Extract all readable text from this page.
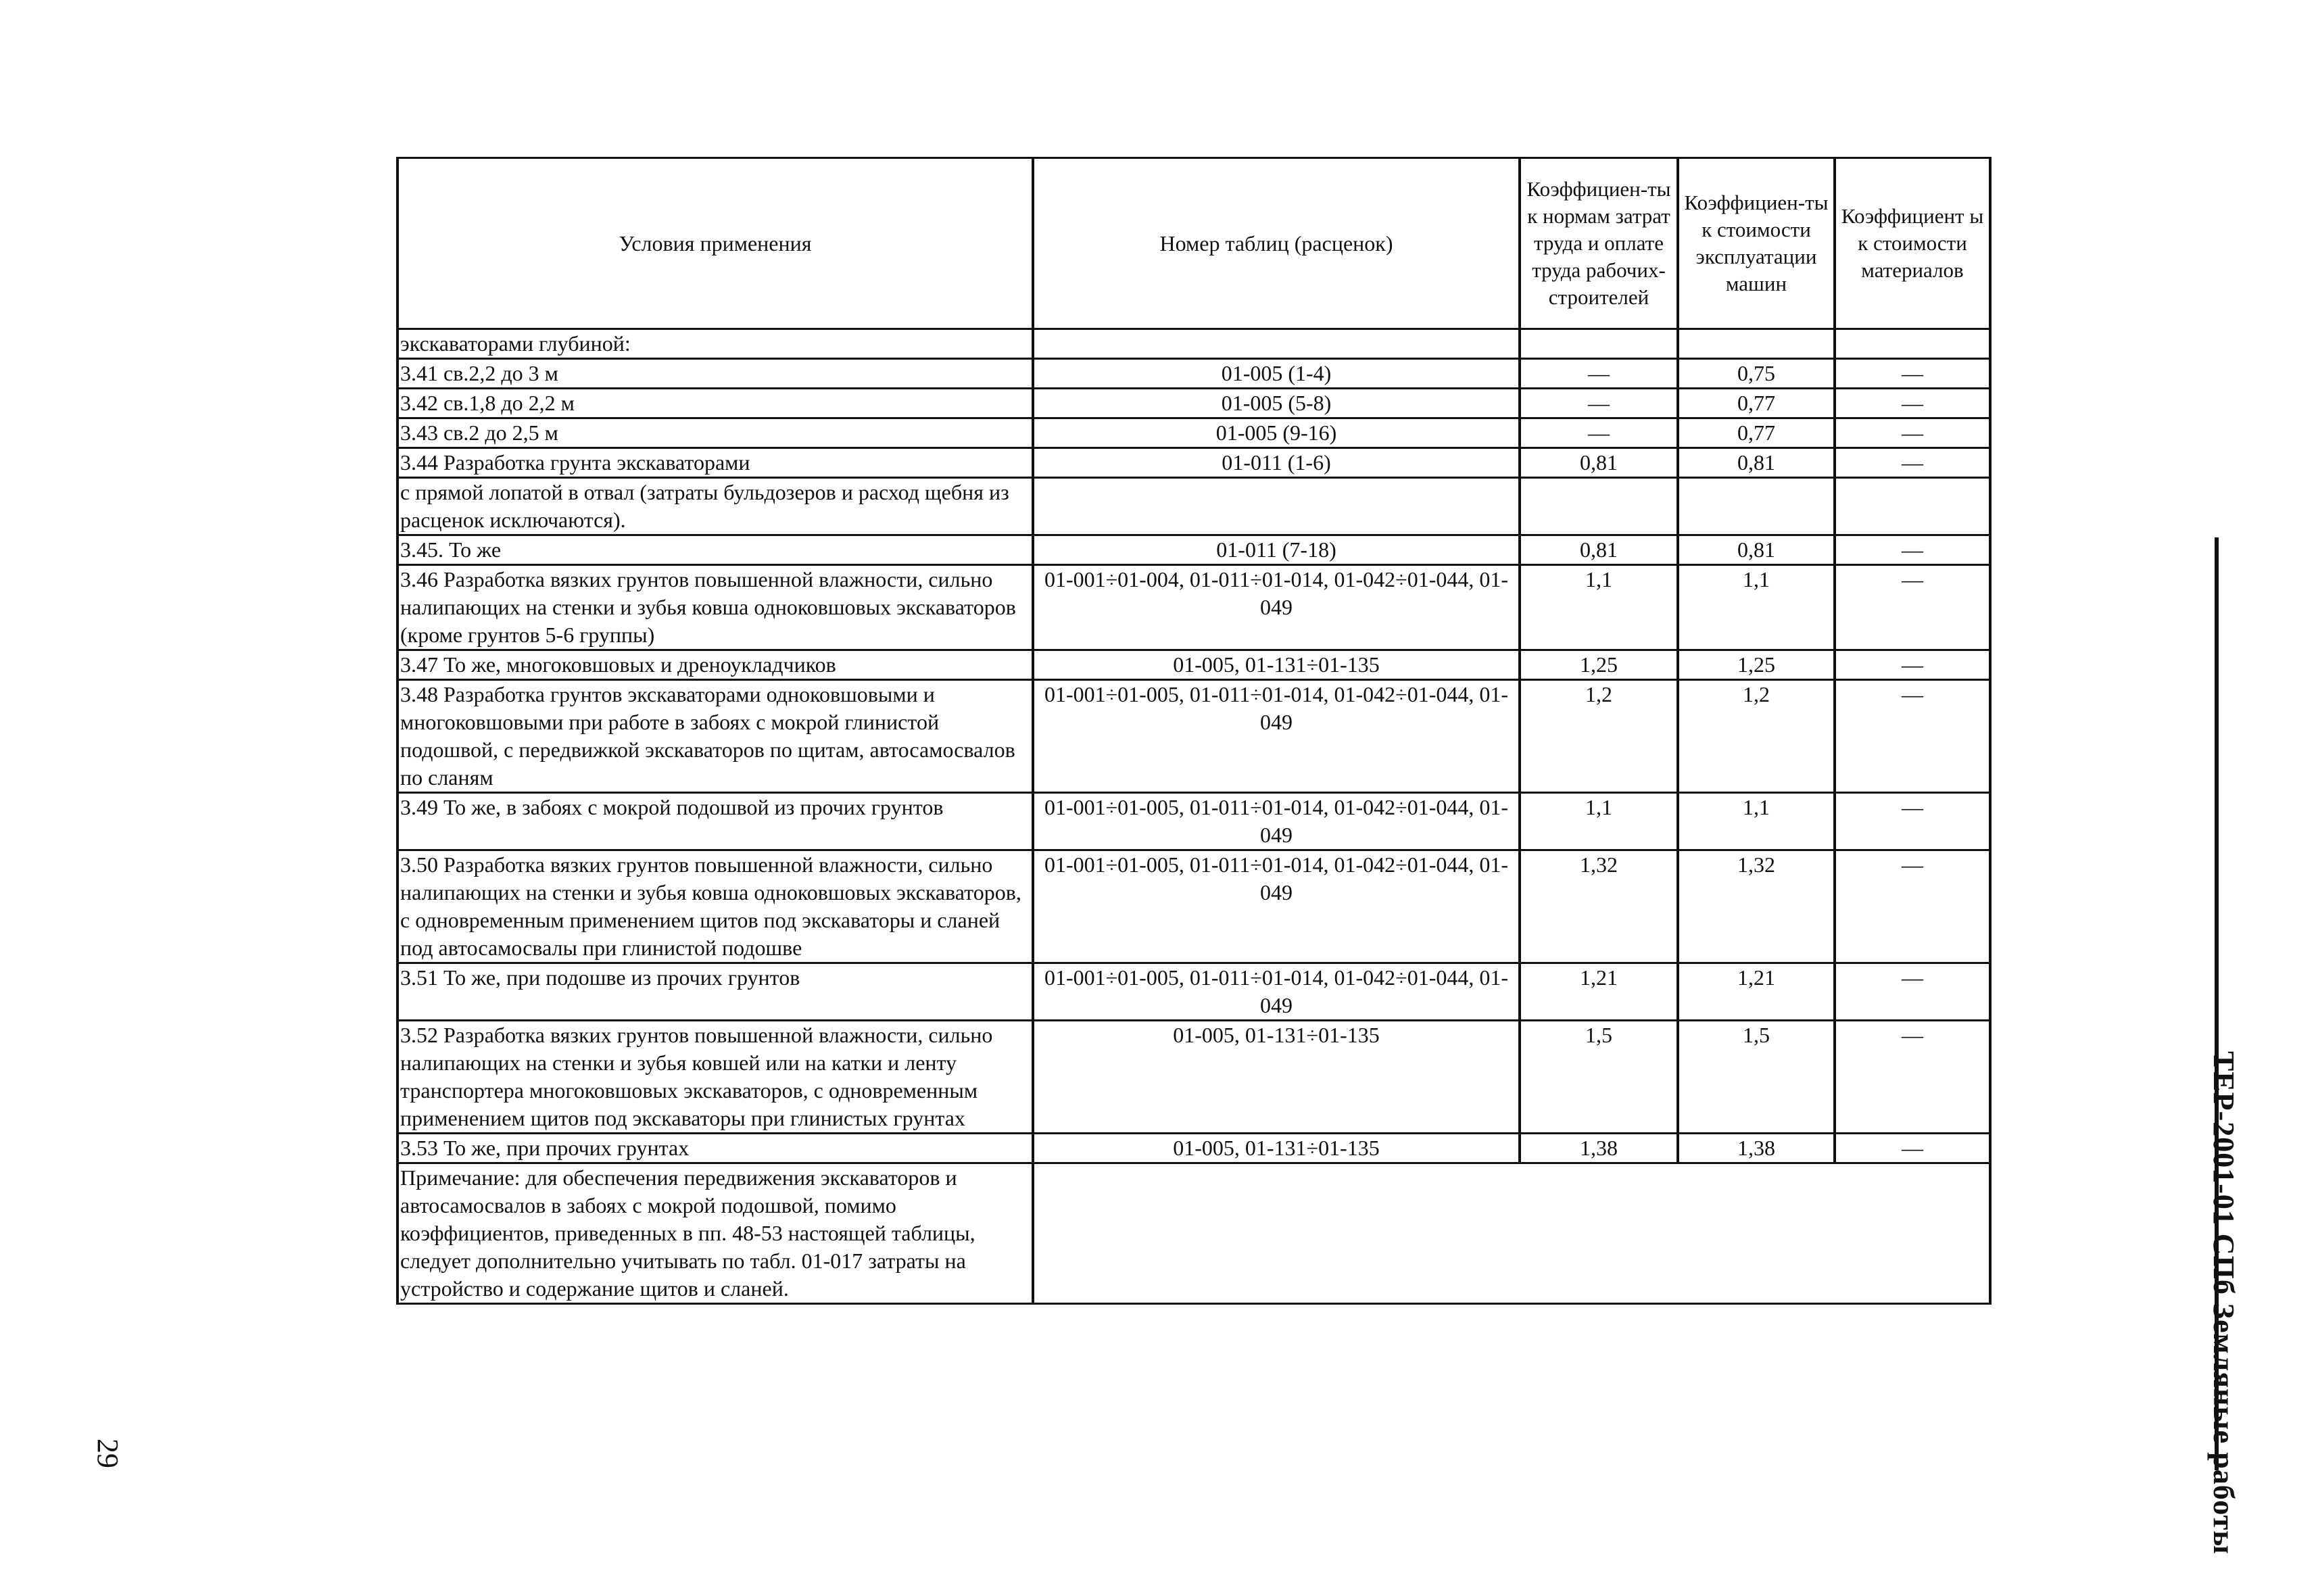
Условия применения	Номер таблиц (расценок)	Коэффициен-ты к нормам затрат труда и оплате труда рабочих-строителей	Коэффициен-ты к стоимости эксплуатации машин	Коэффициент ы к стоимости материалов
экскаваторами глубиной:				
3.41 св.2,2 до 3 м	01-005 (1-4)	—	0,75	—
3.42 св.1,8 до 2,2 м	01-005 (5-8)	—	0,77	—
3.43 св.2 до 2,5 м	01-005 (9-16)	—	0,77	—
3.44 Разработка грунта экскаваторами	01-011 (1-6)	0,81	0,81	—
с прямой лопатой в отвал (затраты бульдозеров и расход щебня из расценок исключаются).				
3.45. То же	01-011 (7-18)	0,81	0,81	—
3.46 Разработка вязких грунтов повышенной влажности, сильно налипающих на стенки и зубья ковша одноковшовых экскаваторов (кроме грунтов 5-6 группы)	01-001÷01-004, 01-011÷01-014, 01-042÷01-044, 01-049	1,1	1,1	—
3.47 То же, многоковшовых и дреноукладчиков	01-005, 01-131÷01-135	1,25	1,25	—
3.48 Разработка грунтов экскаваторами одноковшовыми и многоковшовыми при работе в забоях с мокрой глинистой подошвой, с передвижкой экскаваторов по щитам, автосамосвалов по сланям	01-001÷01-005, 01-011÷01-014, 01-042÷01-044, 01-049	1,2	1,2	—
3.49 То же, в забоях с мокрой подошвой из прочих грунтов	01-001÷01-005, 01-011÷01-014, 01-042÷01-044, 01-049	1,1	1,1	—
3.50 Разработка вязких грунтов повышенной влажности, сильно налипающих на стенки и зубья ковша одноковшовых экскаваторов, с одновременным применением щитов под экскаваторы и сланей под автосамосвалы при глинистой подошве	01-001÷01-005, 01-011÷01-014, 01-042÷01-044, 01-049	1,32	1,32	—
3.51 То же, при подошве из прочих грунтов	01-001÷01-005, 01-011÷01-014, 01-042÷01-044, 01-049	1,21	1,21	—
3.52 Разработка вязких грунтов повышенной влажности, сильно налипающих на стенки и зубья ковшей или на катки и ленту транспортера многоковшовых экскаваторов, с одновременным применением щитов под экскаваторы при глинистых грунтах	01-005, 01-131÷01-135	1,5	1,5	—
3.53 То же, при прочих грунтах	01-005, 01-131÷01-135	1,38	1,38	—
Примечание: для обеспечения передвижения экскаваторов и автосамосвалов в забоях с мокрой подошвой, помимо коэффициентов, приведенных в пп. 48-53 настоящей таблицы, следует дополнительно учитывать по табл. 01-017 затраты на устройство и содержание щитов и сланей.					ТЕР-2001-01 СПб Земляные работы
29
